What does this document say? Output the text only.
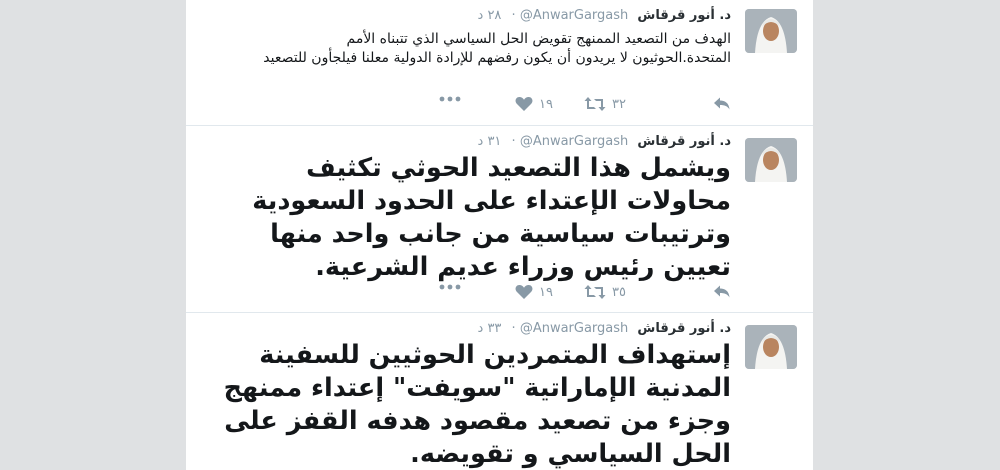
د. أنور قرقاش @AnwarGargash · ٢٨ د
الهدف من التصعيد الممنهج تقويض الحل السياسي الذي تتبناه الأمم المتحدة.الحوثيون لا يريدون أن يكون رفضهم للإرادة الدولية معلنا فيلجأون للتصعيد
٣٢
١٩
د. أنور قرقاش @AnwarGargash · ٣١ د
ويشمل هذا التصعيد الحوثي تكثيف محاولات الإعتداء على الحدود السعودية وترتيبات سياسية من جانب واحد منها تعيين رئيس وزراء عديم الشرعية.
٣٥
١٩
د. أنور قرقاش @AnwarGargash · ٣٣ د
إستهداف المتمردين الحوثيين للسفينة المدنية الإماراتية "سويفت" إعتداء ممنهج وجزء من تصعيد مقصود هدفه القفز على الحل السياسي و تقويضه.
